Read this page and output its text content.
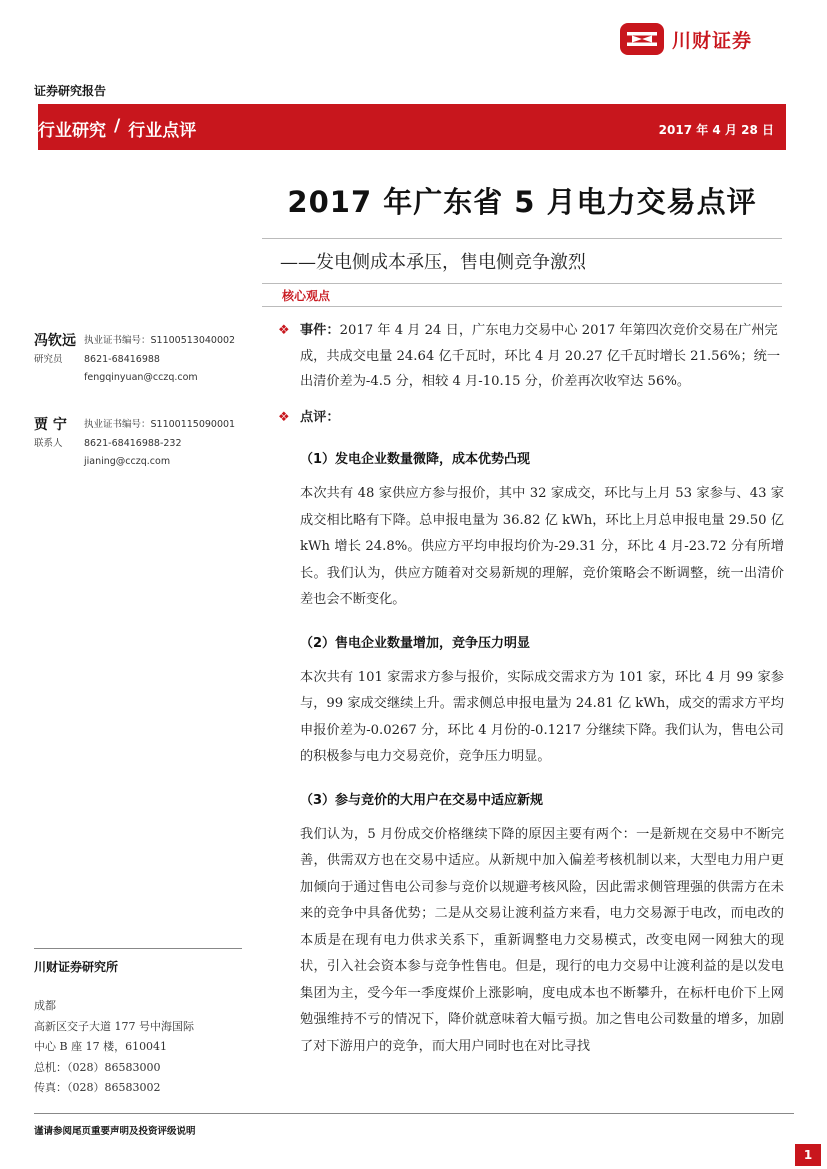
川财证券
证券研究报告
行业研究 / 行业点评	2017 年 4 月 28 日
2017 年广东省 5 月电力交易点评
——发电侧成本承压，售电侧竞争激烈
核心观点
冯钦远 执业证书编号：S1100513040002
研究员	8621-68416988
fengqinyuan@cczq.com
贾 宁	执业证书编号：S1100115090001
联系人	8621-68416988-232
jianing@cczq.com
川财证券研究所
成都
高新区交子大道 177 号中海国际
中心 B 座 17 楼，610041
总机：（028）86583000
传真：（028）86583002
❖ 事件：2017 年 4 月 24 日，广东电力交易中心 2017 年第四次竞价交易在广州完成，共成交电量 24.64 亿千瓦时，环比 4 月 20.27 亿千瓦时增长 21.56%；统一出清价差为-4.5 分，相较 4 月-10.15 分，价差再次收窄达 56%。
❖ 点评：
（1）发电企业数量微降，成本优势凸现
本次共有 48 家供应方参与报价，其中 32 家成交，环比与上月 53 家参与、43 家成交相比略有下降。总申报电量为 36.82 亿 kWh，环比上月总申报电量 29.50 亿 kWh 增长 24.8%。供应方平均申报均价为-29.31 分，环比 4 月-23.72 分有所增长。我们认为，供应方随着对交易新规的理解，竞价策略会不断调整，统一出清价差也会不断变化。
（2）售电企业数量增加，竞争压力明显
本次共有 101 家需求方参与报价，实际成交需求方为 101 家，环比 4 月 99 家参与，99 家成交继续上升。需求侧总申报电量为 24.81 亿 kWh，成交的需求方平均申报价差为-0.0267 分，环比 4 月份的-0.1217 分继续下降。我们认为，售电公司的积极参与电力交易竞价，竞争压力明显。
（3）参与竞价的大用户在交易中适应新规
我们认为，5 月份成交价格继续下降的原因主要有两个：一是新规在交易中不断完善，供需双方也在交易中适应。从新规中加入偏差考核机制以来，大型电力用户更加倾向于通过售电公司参与竞价以规避考核风险，因此需求侧管理强的供需方在未来的竞争中具备优势；二是从交易让渡利益方来看，电力交易源于电改，而电改的本质是在现有电力供求关系下，重新调整电力交易模式，改变电网一网独大的现状，引入社会资本参与竞争性售电。但是，现行的电力交易中让渡利益的是以发电集团为主，受今年一季度煤价上涨影响，度电成本也不断攀升，在标杆电价下上网勉强维持不亏的情况下，降价就意味着大幅亏损。加之售电公司数量的增多，加剧了对下游用户的竞争，而大用户同时也在对比寻找
谨请参阅尾页重要声明及投资评级说明
1
